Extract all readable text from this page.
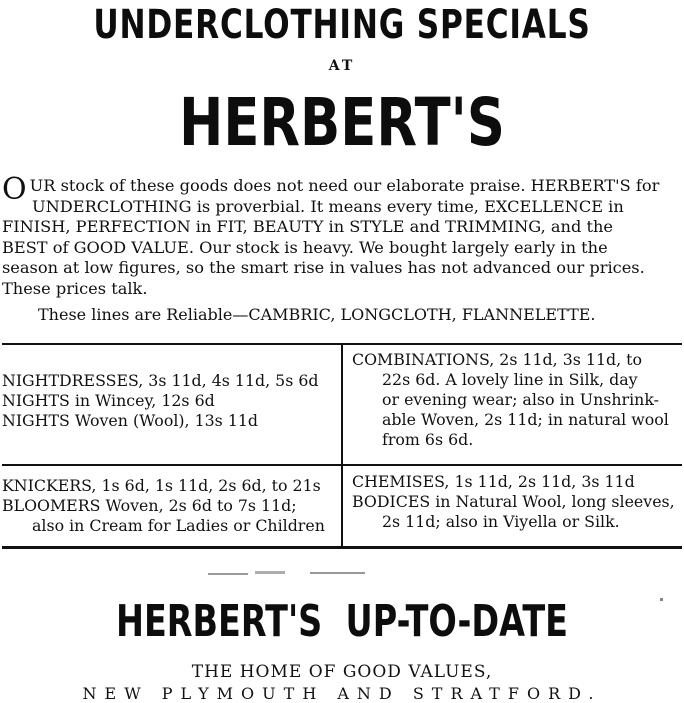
UNDERCLOTHING SPECIALS
AT
HERBERT'S
O UR stock of these goods does not need our elaborate praise. HERBERT'S for
UNDERCLOTHING is proverbial. It means every time, EXCELLENCE in
FINISH, PERFECTION in FIT, BEAUTY in STYLE and TRIMMING, and the
BEST of GOOD VALUE. Our stock is heavy. We bought largely early in the
season at low figures, so the smart rise in values has not advanced our prices.
These prices talk.
These lines are Reliable—CAMBRIC, LONGCLOTH, FLANNELETTE.
NIGHTDRESSES, 3s 11d, 4s 11d, 5s 6d
NIGHTS in Wincey, 12s 6d
NIGHTS Woven (Wool), 13s 11d
COMBINATIONS, 2s 11d, 3s 11d, to
22s 6d. A lovely line in Silk, day
or evening wear; also in Unshrink-
able Woven, 2s 11d; in natural wool
from 6s 6d.
KNICKERS, 1s 6d, 1s 11d, 2s 6d, to 21s
BLOOMERS Woven, 2s 6d to 7s 11d;
also in Cream for Ladies or Children
CHEMISES, 1s 11d, 2s 11d, 3s 11d
BODICES in Natural Wool, long sleeves,
2s 11d; also in Viyella or Silk.
HERBERT'S  UP-TO-DATE
THE HOME OF GOOD VALUES,
NEW PLYMOUTH AND STRATFORD.
